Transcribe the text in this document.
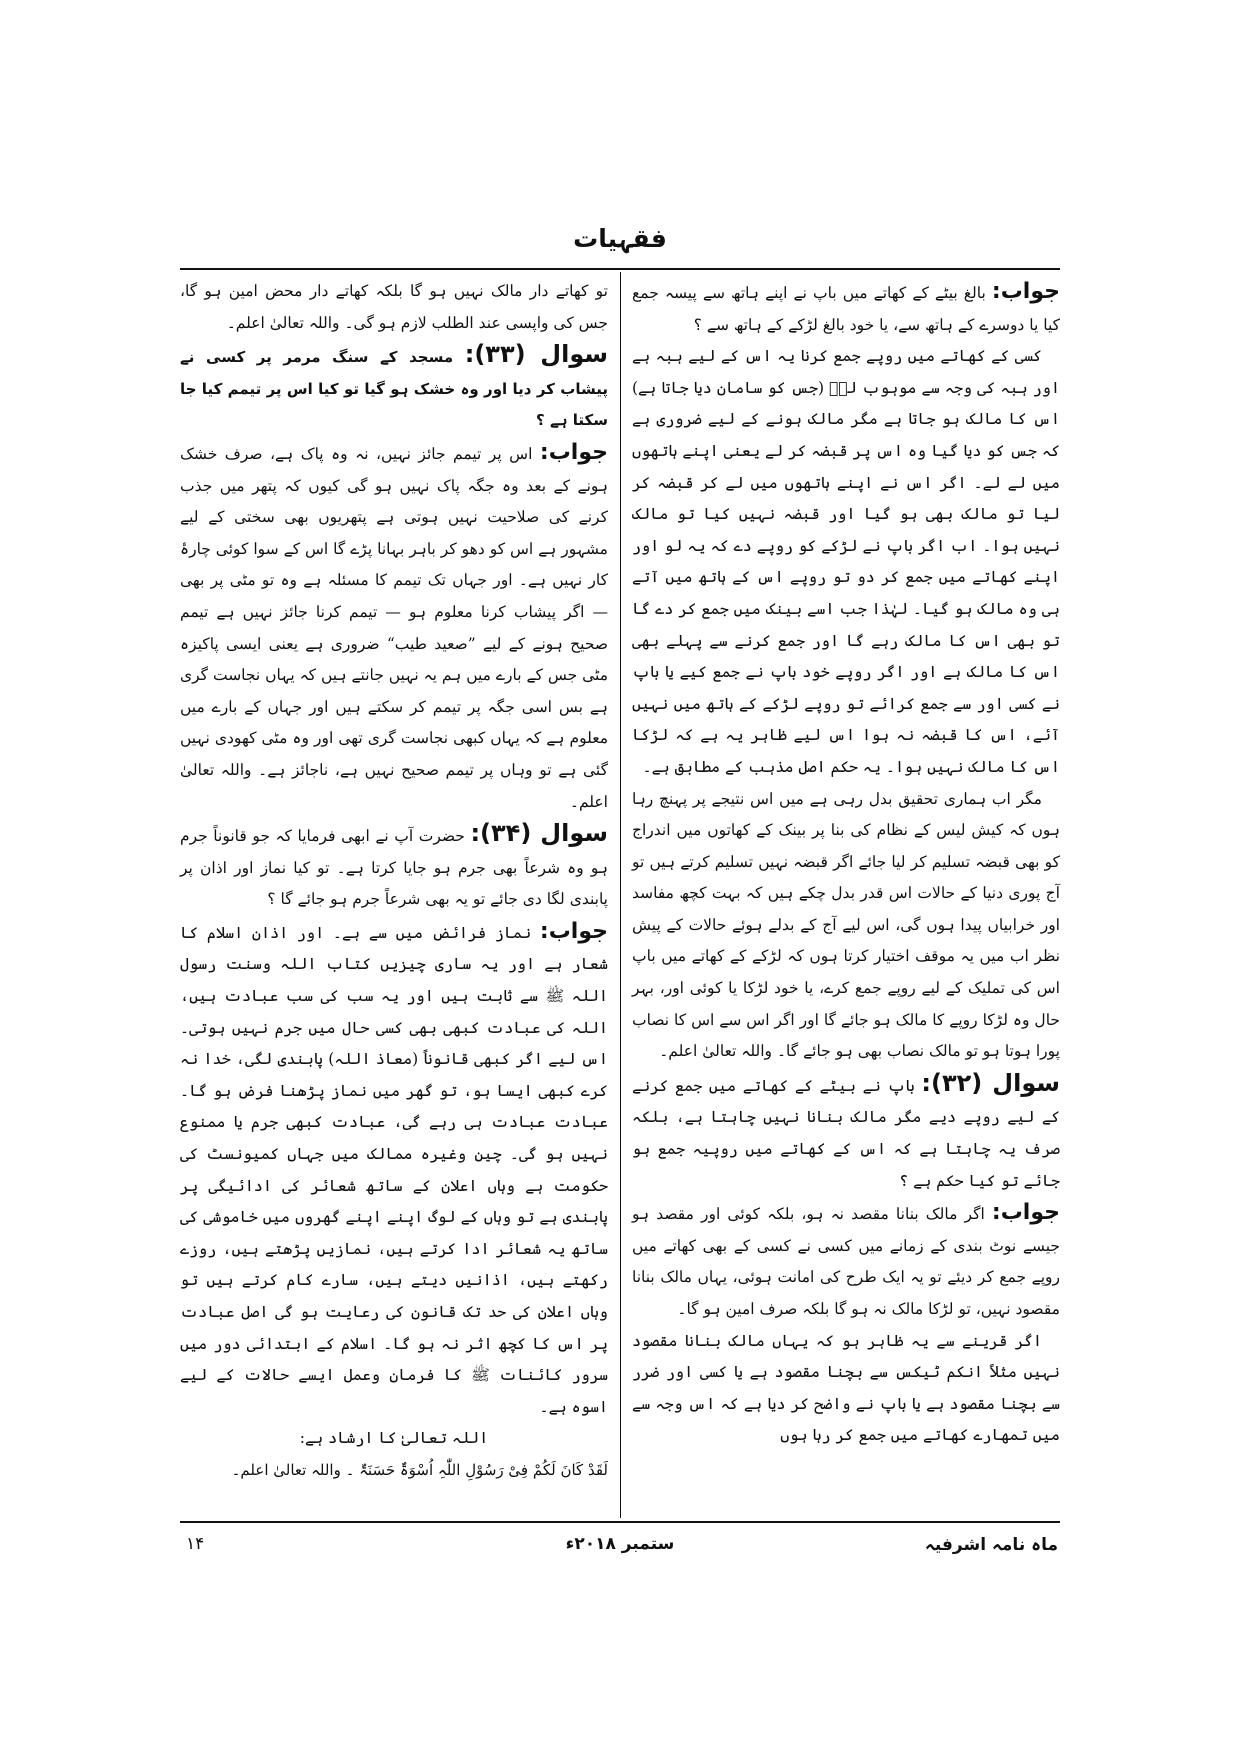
فقہیات

جواب: بالغ بیٹے کے کھاتے میں باپ نے اپنے ہاتھ سے پیسہ جمع کیا یا دوسرے کے ہاتھ سے، یا خود بالغ لڑکے کے ہاتھ سے ؟

کسی کے کھاتے میں روپے جمع کرنا یہ اس کے لیے ہبہ ہے اور ہبہ کی وجہ سے موہوب لہٗ (جس کو سامان دیا جاتا ہے) اس کا مالک ہو جاتا ہے مگر مالک ہونے کے لیے ضروری ہے کہ جس کو دیا گیا وہ اس پر قبضہ کر لے یعنی اپنے ہاتھوں میں لے لے۔ اگر اس نے اپنے ہاتھوں میں لے کر قبضہ کر لیا تو مالک بھی ہو گیا اور قبضہ نہیں کیا تو مالک نہیں ہوا۔ اب اگر باپ نے لڑکے کو روپے دے کہ یہ لو اور اپنے کھاتے میں جمع کر دو تو روپے اس کے ہاتھ میں آتے ہی وہ مالک ہو گیا۔ لہٰذا جب اسے بینک میں جمع کر دے گا تو بھی اس کا مالک رہے گا اور جمع کرنے سے پہلے بھی اس کا مالک ہے اور اگر روپے خود باپ نے جمع کیے یا باپ نے کسی اور سے جمع کرائے تو روپے لڑکے کے ہاتھ میں نہیں آئے، اس کا قبضہ نہ ہوا اس لیے ظاہر یہ ہے کہ لڑکا اس کا مالک نہیں ہوا۔ یہ حکم اصل مذہب کے مطابق ہے۔

مگر اب ہماری تحقیق بدل رہی ہے میں اس نتیجے پر پہنچ رہا ہوں کہ کیش لیس کے نظام کی بنا پر بینک کے کھاتوں میں اندراج کو بھی قبضہ تسلیم کر لیا جائے اگر قبضہ نہیں تسلیم کرتے ہیں تو آج پوری دنیا کے حالات اس قدر بدل چکے ہیں کہ بہت کچھ مفاسد اور خرابیاں پیدا ہوں گی، اس لیے آج کے بدلے ہوئے حالات کے پیش نظر اب میں یہ موقف اختیار کرتا ہوں کہ لڑکے کے کھاتے میں باپ اس کی تملیک کے لیے روپے جمع کرے، یا خود لڑکا یا کوئی اور، بہر حال وہ لڑکا روپے کا مالک ہو جائے گا اور اگر اس سے اس کا نصاب پورا ہوتا ہو تو مالک نصاب بھی ہو جائے گا۔ واللہ تعالیٰ اعلم۔

سوال (۳۲): باپ نے بیٹے کے کھاتے میں جمع کرنے کے لیے روپے دیے مگر مالک بنانا نہیں چاہتا ہے، بلکہ صرف یہ چاہتا ہے کہ اس کے کھاتے میں روپیہ جمع ہو جائے تو کیا حکم ہے ؟

جواب: اگر مالک بنانا مقصد نہ ہو، بلکہ کوئی اور مقصد ہو جیسے نوٹ بندی کے زمانے میں کسی نے کسی کے بھی کھاتے میں روپے جمع کر دیئے تو یہ ایک طرح کی امانت ہوئی، یہاں مالک بنانا مقصود نہیں، تو لڑکا مالک نہ ہو گا بلکہ صرف امین ہو گا۔

اگر قرینے سے یہ ظاہر ہو کہ یہاں مالک بنانا مقصود نہیں مثلاً انکم ٹیکس سے بچنا مقصود ہے یا کسی اور ضرر سے بچنا مقصود ہے یا باپ نے واضح کر دیا ہے کہ اس وجہ سے میں تمھارے کھاتے میں جمع کر رہا ہوں

تو کھاتے دار مالک نہیں ہو گا بلکہ کھاتے دار محض امین ہو گا، جس کی واپسی عند الطلب لازم ہو گی۔ واللہ تعالیٰ اعلم۔

سوال (۳۳): مسجد کے سنگ مرمر پر کسی نے پیشاب کر دیا اور وہ خشک ہو گیا تو کیا اس پر تیمم کیا جا سکتا ہے ؟

جواب: اس پر تیمم جائز نہیں، نہ وہ پاک ہے، صرف خشک ہونے کے بعد وہ جگہ پاک نہیں ہو گی کیوں کہ پتھر میں جذب کرنے کی صلاحیت نہیں ہوتی ہے پتھریوں بھی سختی کے لیے مشہور ہے اس کو دھو کر باہر بہانا پڑے گا اس کے سوا کوئی چارۂ کار نہیں ہے۔ اور جہاں تک تیمم کا مسئلہ ہے وہ تو مٹی پر بھی — اگر پیشاب کرنا معلوم ہو — تیمم کرنا جائز نہیں ہے تیمم صحیح ہونے کے لیے ”صعید طیب“ ضروری ہے یعنی ایسی پاکیزہ مٹی جس کے بارے میں ہم یہ نہیں جانتے ہیں کہ یہاں نجاست گری ہے بس اسی جگہ پر تیمم کر سکتے ہیں اور جہاں کے بارے میں معلوم ہے کہ یہاں کبھی نجاست گری تھی اور وہ مٹی کھودی نہیں گئی ہے تو وہاں پر تیمم صحیح نہیں ہے، ناجائز ہے۔ واللہ تعالیٰ اعلم۔

سوال (۳۴): حضرت آپ نے ابھی فرمایا کہ جو قانوناً جرم ہو وہ شرعاً بھی جرم ہو جایا کرتا ہے۔ تو کیا نماز اور اذان پر پابندی لگا دی جائے تو یہ بھی شرعاً جرم ہو جائے گا ؟

جواب: نماز فرائض میں سے ہے۔ اور اذان اسلام کا شعار ہے اور یہ ساری چیزیں کتاب اللہ وسنت رسول اللہ ﷺ سے ثابت ہیں اور یہ سب کی سب عبادت ہیں، اللہ کی عبادت کبھی بھی کسی حال میں جرم نہیں ہوتی۔ اس لیے اگر کبھی قانوناً (معاذ اللہ) پابندی لگی، خدا نہ کرے کبھی ایسا ہو، تو گھر میں نماز پڑھنا فرض ہو گا۔ عبادت عبادت ہی رہے گی، عبادت کبھی جرم یا ممنوع نہیں ہو گی۔ چین وغیرہ ممالک میں جہاں کمیونسٹ کی حکومت ہے وہاں اعلان کے ساتھ شعائر کی ادائیگی پر پابندی ہے تو وہاں کے لوگ اپنے اپنے گھروں میں خاموشی کی ساتھ یہ شعائر ادا کرتے ہیں، نمازیں پڑھتے ہیں، روزے رکھتے ہیں، اذانیں دیتے ہیں، سارے کام کرتے ہیں تو وہاں اعلان کی حد تک قانون کی رعایت ہو گی اصل عبادت پر اس کا کچھ اثر نہ ہو گا۔ اسلام کے ابتدائی دور میں سرور کائنات ﷺ کا فرمان وعمل ایسے حالات کے لیے اسوہ ہے۔

اللہ تعالیٰ کا ارشاد ہے:

لَقَدْ کَانَ لَکُمْ فِیْ رَسُوْلِ اللّٰہِ اُسْوَۃٌ حَسَنَۃٌ ۔ واللہ تعالیٰ اعلم۔

ماہ نامہ اشرفیہ
ستمبر ۲۰۱۸ء
۱۴
